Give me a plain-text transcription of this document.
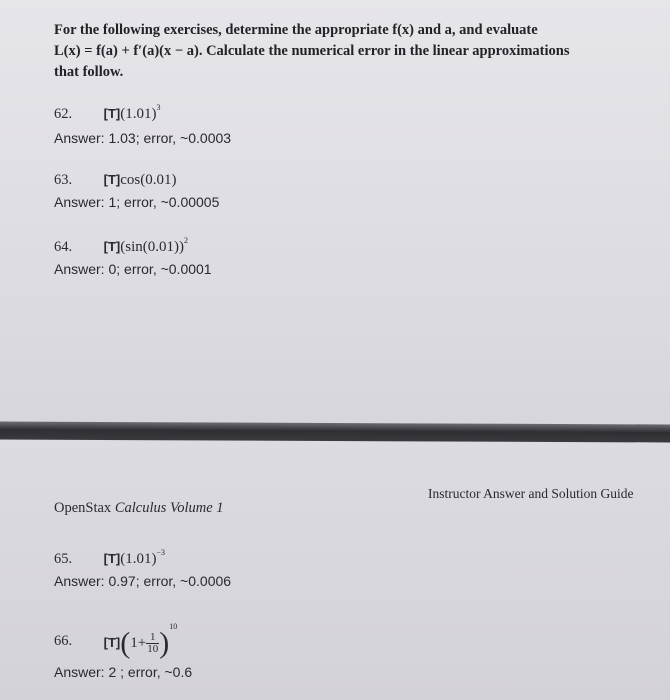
For the following exercises, determine the appropriate f(x) and a, and evaluate
L(x) = f(a) + f′(a)(x − a). Calculate the numerical error in the linear approximations
that follow.
62. $[T](1.01)^3$
Answer: 1.03; error, ~0.0003
63. [T]cos(0.01)
Answer: 1; error, ~0.00005
64. $[T](\sin(0.01))^2$
Answer: 0; error, ~0.0001
OpenStax Calculus Volume 1
Instructor Answer and Solution Guide
65. $[T](1.01)^{-3}$
Answer: 0.97; error, ~0.0006
66. $[T](1+ \frac{1}{10} )^{10}$
Answer: 2 ; error, ~0.6
